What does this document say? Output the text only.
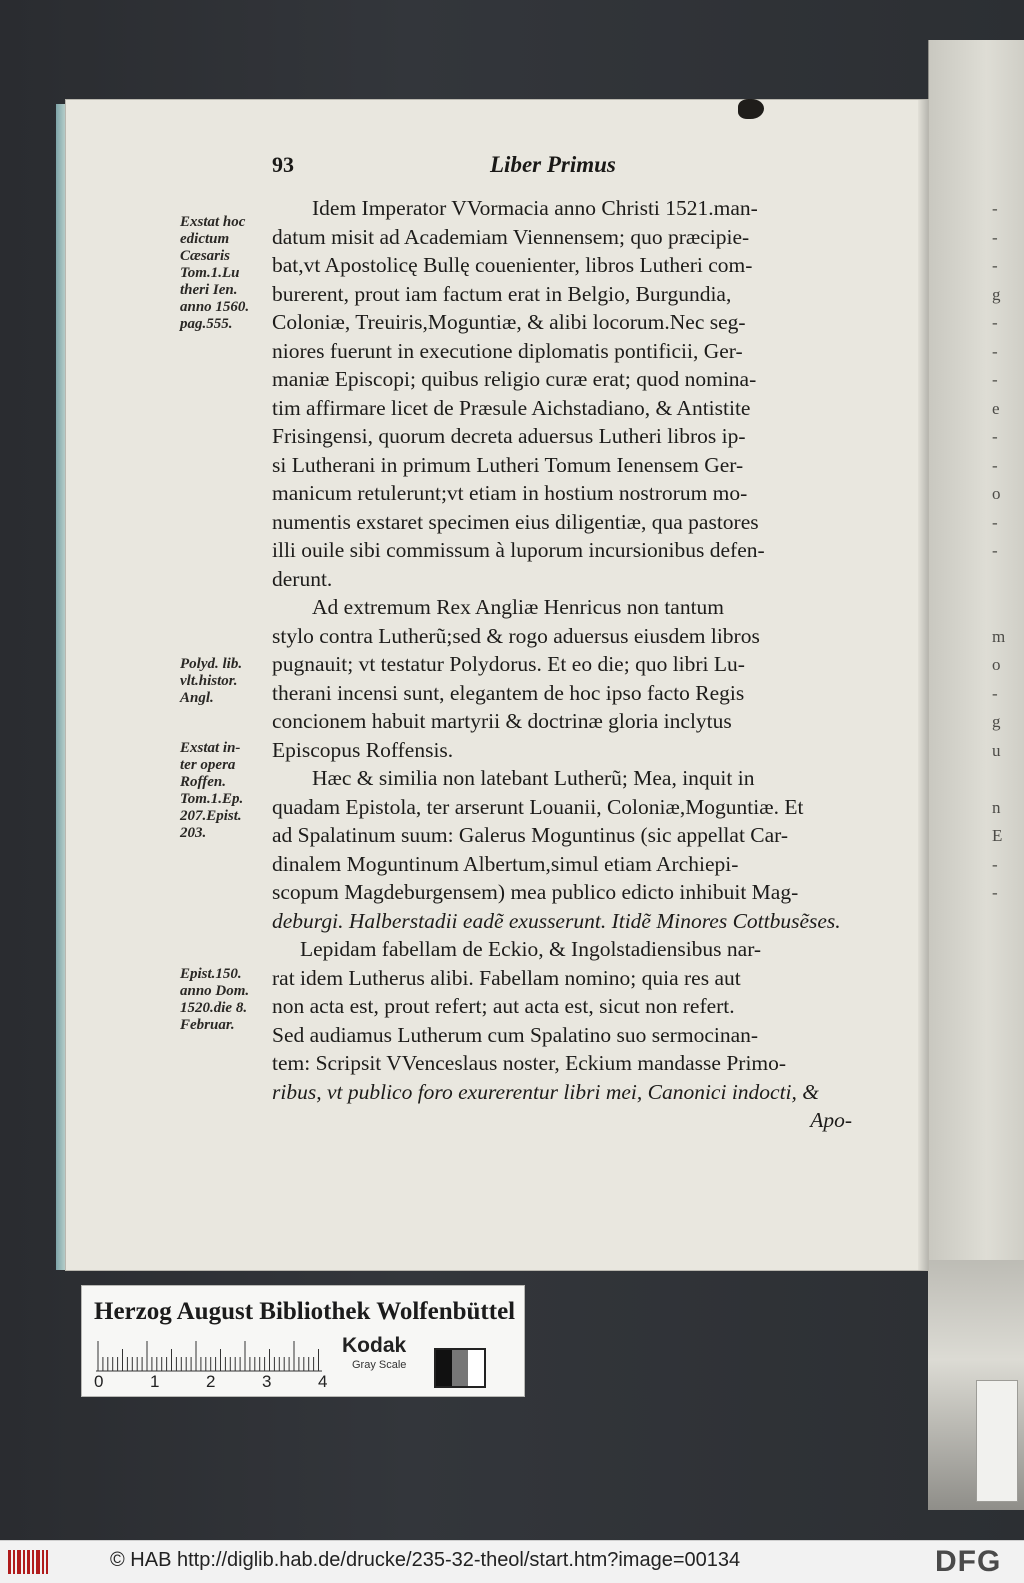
-
-
-
g
-
-
-
e
-
-
o
-
-
m
o
-
g
u
n
E
-
-
93	Liber Primus
Idem Imperator VVormacia anno Christi 1521.man-
datum misit ad Academiam Viennensem; quo præcipie-
bat,vt Apostolicę Bullę couenienter, libros Lutheri com-
burerent, prout iam factum erat in Belgio, Burgundia,
Coloniæ, Treuiris,Moguntiæ, & alibi locorum.Nec seg-
niores fuerunt in executione diplomatis pontificii, Ger-
maniæ Episcopi; quibus religio curæ erat; quod nomina-
tim affirmare licet de Præsule Aichstadiano, & Antistite
Frisingensi, quorum decreta aduersus Lutheri libros ip-
si Lutherani in primum Lutheri Tomum Ienensem Ger-
manicum retulerunt;vt etiam in hostium nostrorum mo-
numentis exstaret specimen eius diligentiæ, qua pastores
illi ouile sibi commissum à luporum incursionibus defen-
derunt.
Ad extremum Rex Angliæ Henricus non tantum
stylo contra Lutherũ;sed & rogo aduersus eiusdem libros
pugnauit; vt testatur Polydorus. Et eo die; quo libri Lu-
therani incensi sunt, elegantem de hoc ipso facto Regis
concionem habuit martyrii & doctrinæ gloria inclytus
Episcopus Roffensis.
Hæc & similia non latebant Lutherũ; Mea, inquit in
quadam Epistola, ter arserunt Louanii, Coloniæ,Moguntiæ. Et
ad Spalatinum suum: Galerus Moguntinus (sic appellat Car-
dinalem Moguntinum Albertum,simul etiam Archiepi-
scopum Magdeburgensem) mea publico edicto inhibuit Mag-
deburgi. Halberstadii eadẽ exusserunt. Itidẽ Minores Cottbusẽses.
Lepidam fabellam de Eckio, & Ingolstadiensibus nar-
rat idem Lutherus alibi. Fabellam nomino; quia res aut
non acta est, prout refert; aut acta est, sicut non refert.
Sed audiamus Lutherum cum Spalatino suo sermocinan-
tem: Scripsit VVenceslaus noster, Eckium mandasse Primo-
ribus, vt publico foro exurerentur libri mei, Canonici indocti, &
Apo-
Exstat hoc
edictum
Cæsaris
Tom.1.Lu
theri Ien.
anno 1560.
pag.555.
Polyd. lib.
vlt.histor.
Angl.
Exstat in-
ter opera
Roffen.
Tom.1.Ep.
207.Epist.
203.
Epist.150.
anno Dom.
1520.die 8.
Februar.
Herzog August Bibliothek Wolfenbüttel
0	1	2	3	4
Kodak
Gray Scale
© HAB http://diglib.hab.de/drucke/235-32-theol/start.htm?image=00134	DFG
